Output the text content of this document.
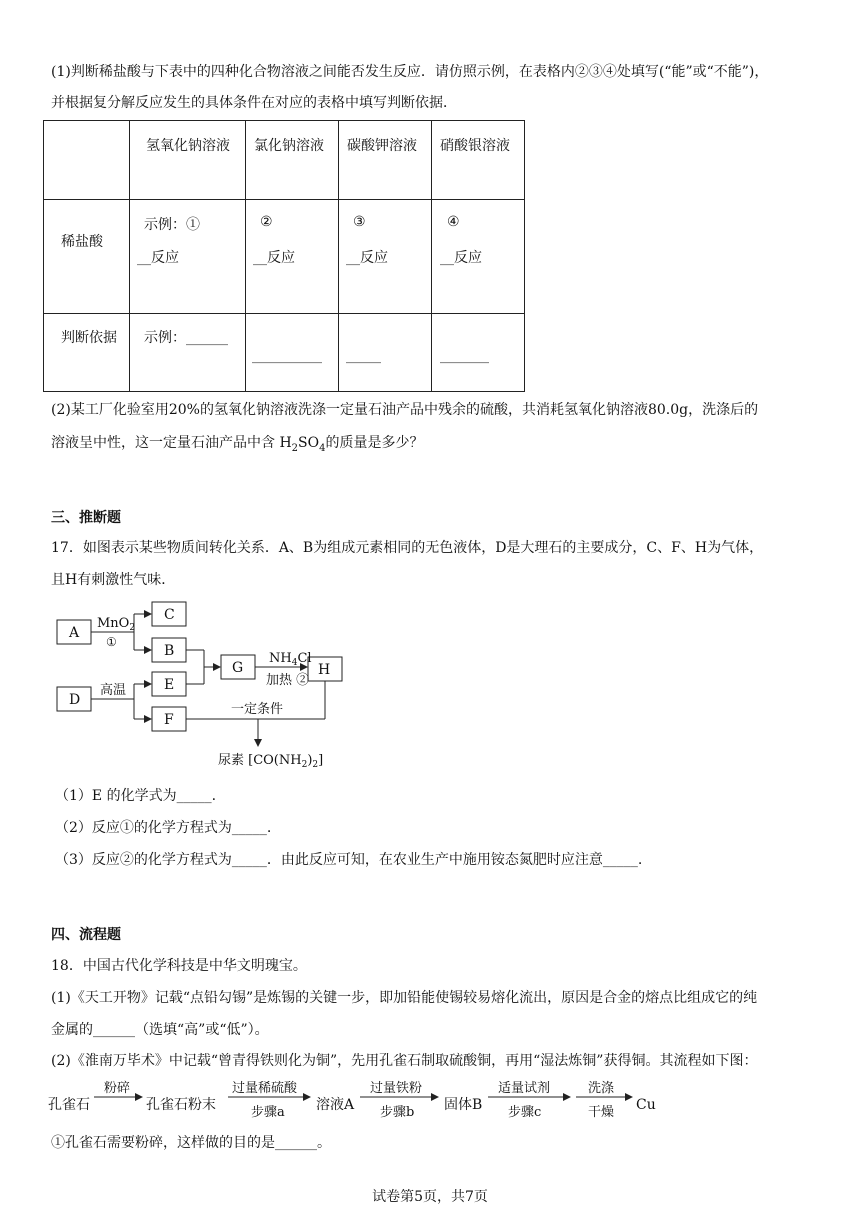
(1)判断稀盐酸与下表中的四种化合物溶液之间能否发生反应．请仿照示例，在表格内②③④处填写(“能”或“不能”)，
并根据复分解反应发生的具体条件在对应的表格中填写判断依据．
氢氧化钠溶液 氯化钠溶液 碳酸钾溶液 硝酸银溶液
稀盐酸
示例：①
__反应
②
__反应
③
__反应
④
__反应
判断依据 示例：______
__________ _____	_______
(2)某工厂化验室用20%的氢氧化钠溶液洗涤一定量石油产品中残余的硫酸，共消耗氢氧化钠溶液80.0g，洗涤后的
溶液呈中性，这一定量石油产品中含 $H_2SO_4$的质量是多少？
三、推断题
17．如图表示某些物质间转化关系．A、B为组成元素相同的无色液体，D是大理石的主要成分，C、F、H为气体，
且H有刺激性气味．
A
C
B
G	H
D
E
F
MnO$_2$
①
高温
$NH_4Cl$
加热 ②
一定条件
尿素 $[CO(NH_2)_2]$
（1）E 的化学式为_____.
（2）反应①的化学方程式为_____.
（3）反应②的化学方程式为_____．由此反应可知，在农业生产中施用铵态氮肥时应注意_____.
四、流程题
18．中国古代化学科技是中华文明瑰宝。
(1)《天工开物》记载“点铅勾锡”是炼锡的关键一步，即加铅能使锡较易熔化流出，原因是合金的熔点比组成它的纯
金属的______（选填“高”或“低”）。
(2)《淮南万毕术》中记载“曾青得铁则化为铜”，先用孔雀石制取硫酸铜，再用“湿法炼铜”获得铜。其流程如下图：
孔雀石
粉碎
孔雀石粉末
过量稀硫酸
步骤a 溶液A
过量铁粉
步骤b 固体B
适量试剂
步骤c
洗涤
干燥 Cu
①孔雀石需要粉碎，这样做的目的是______。
试卷第5页，共7页
